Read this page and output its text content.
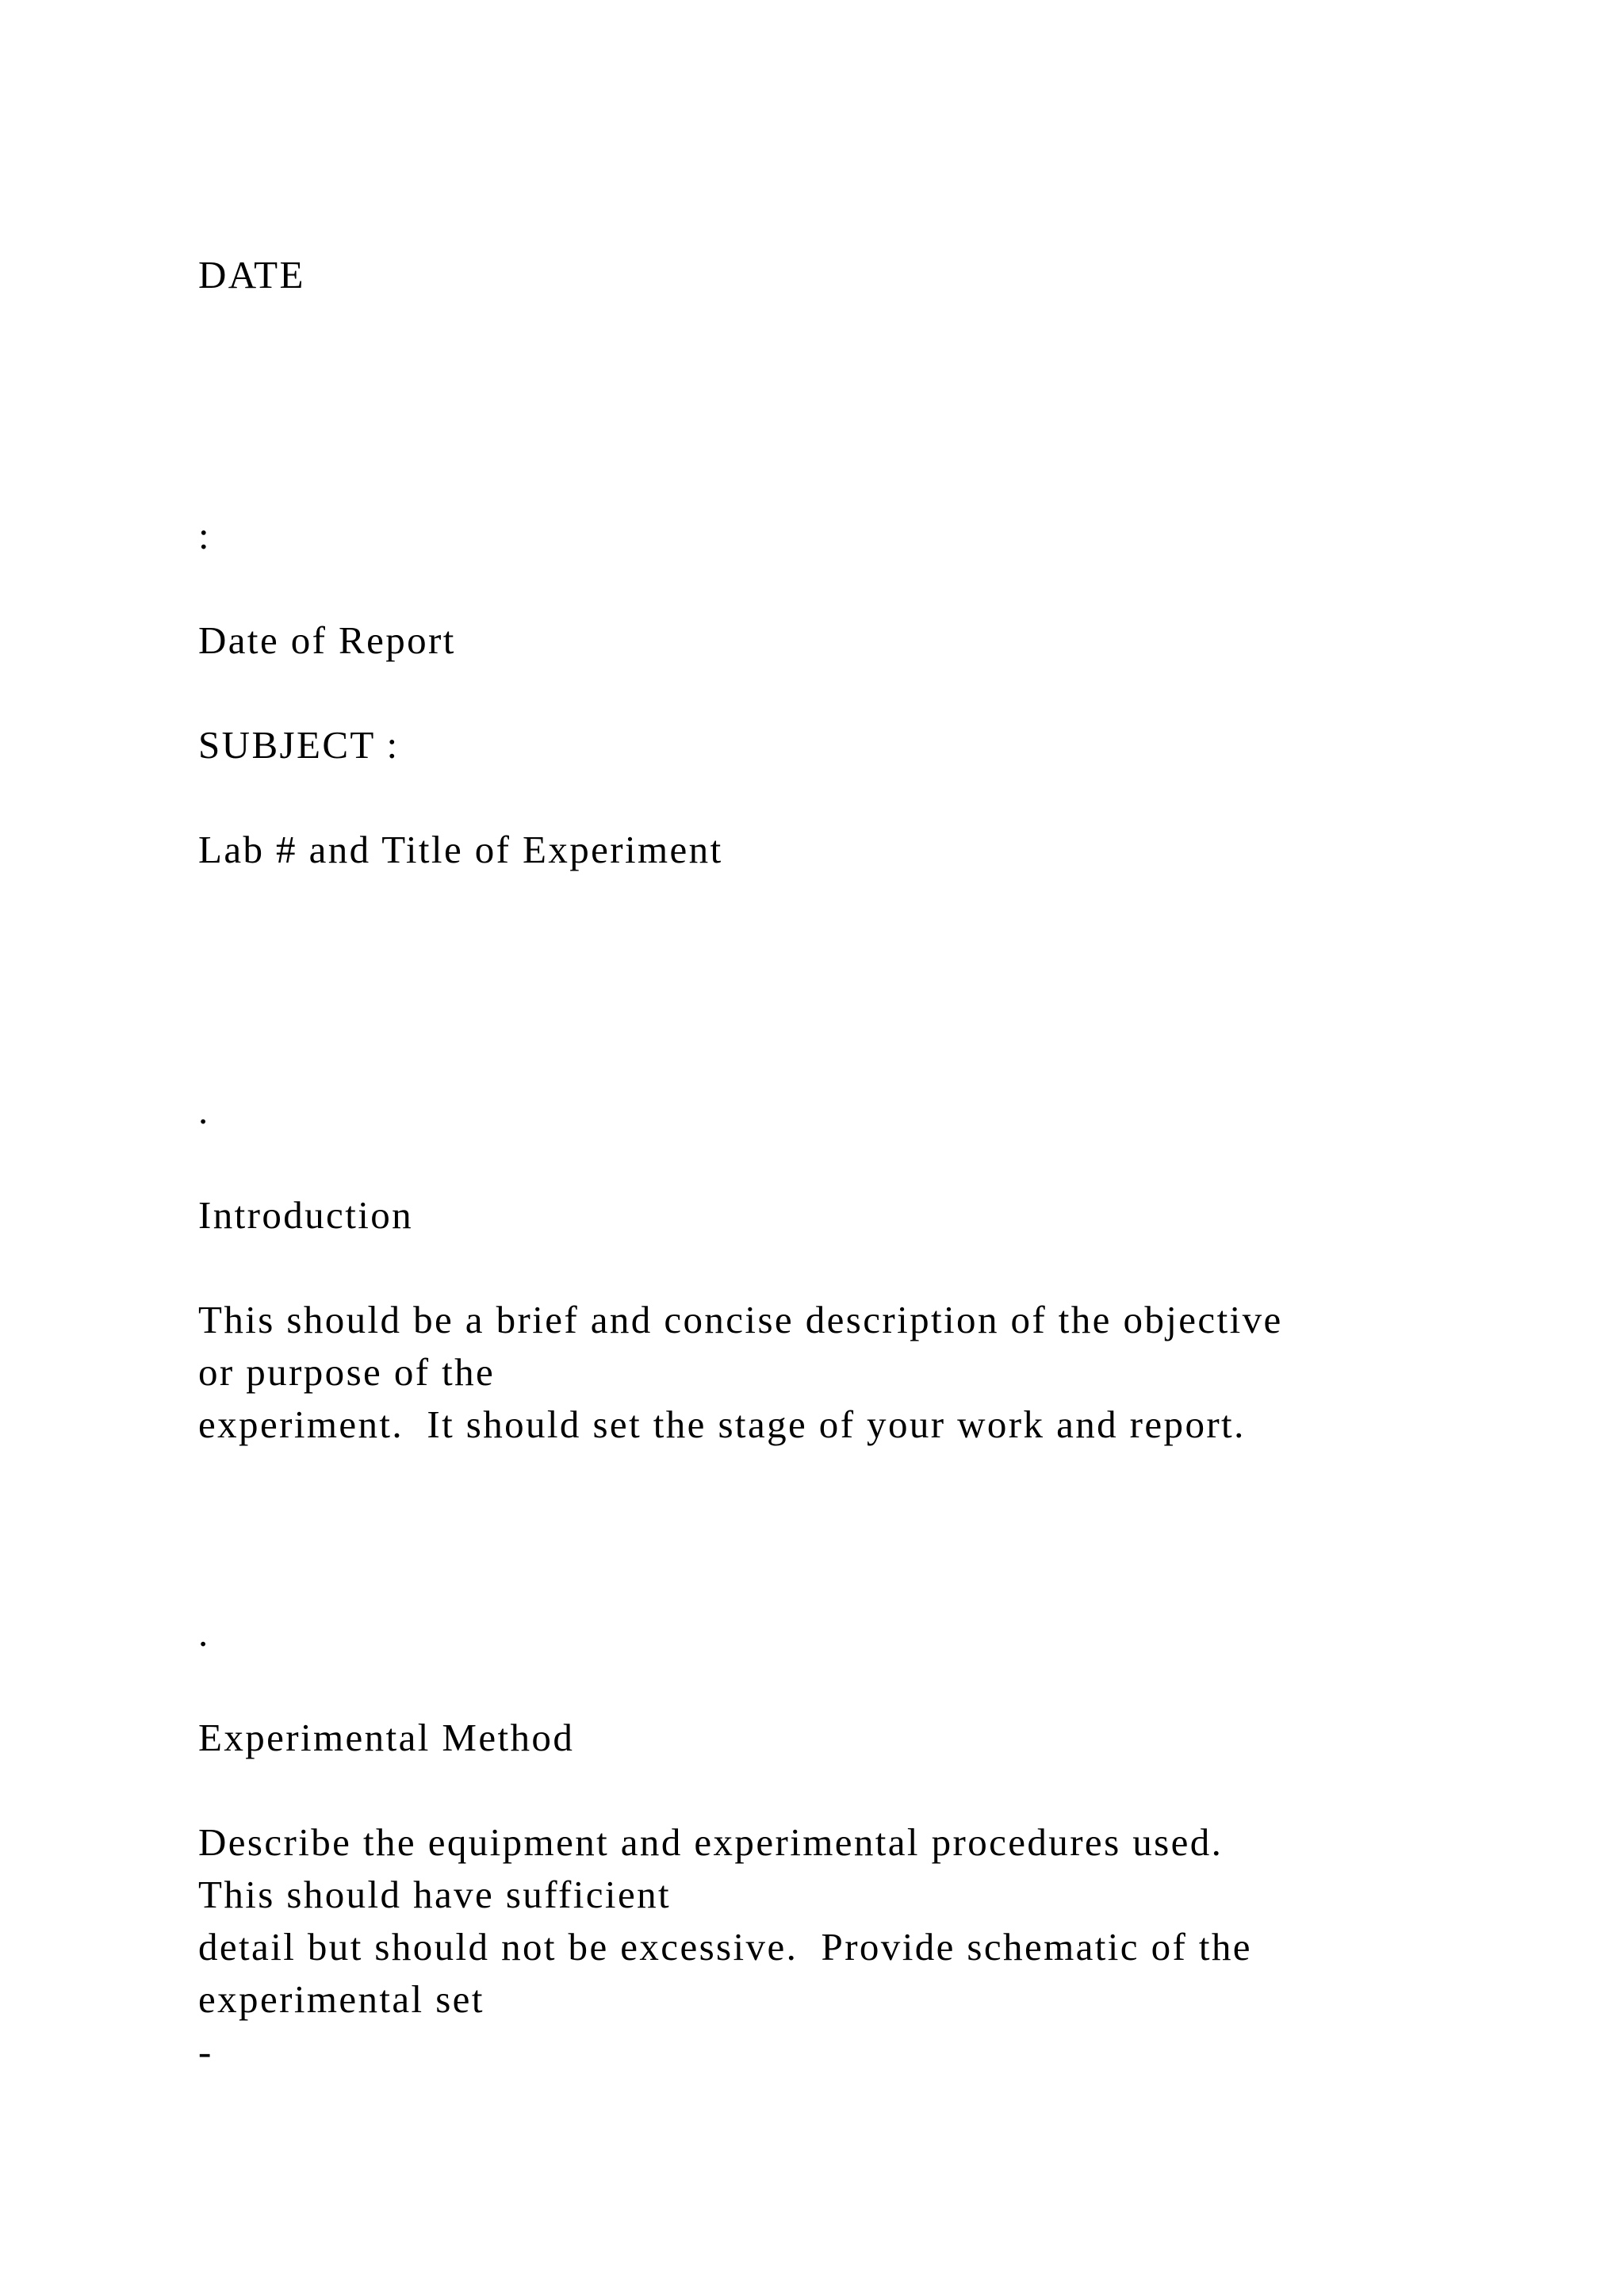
DATE

:

Date of Report

SUBJECT :

Lab # and Title of Experiment

.

Introduction

This should be a brief and concise description of the objective

or purpose of the

experiment.  It should set the stage of your work and report.

.

Experimental Method

Describe the equipment and experimental procedures used.

This should have sufficient

detail but should not be excessive.  Provide schematic of the

experimental set

-
